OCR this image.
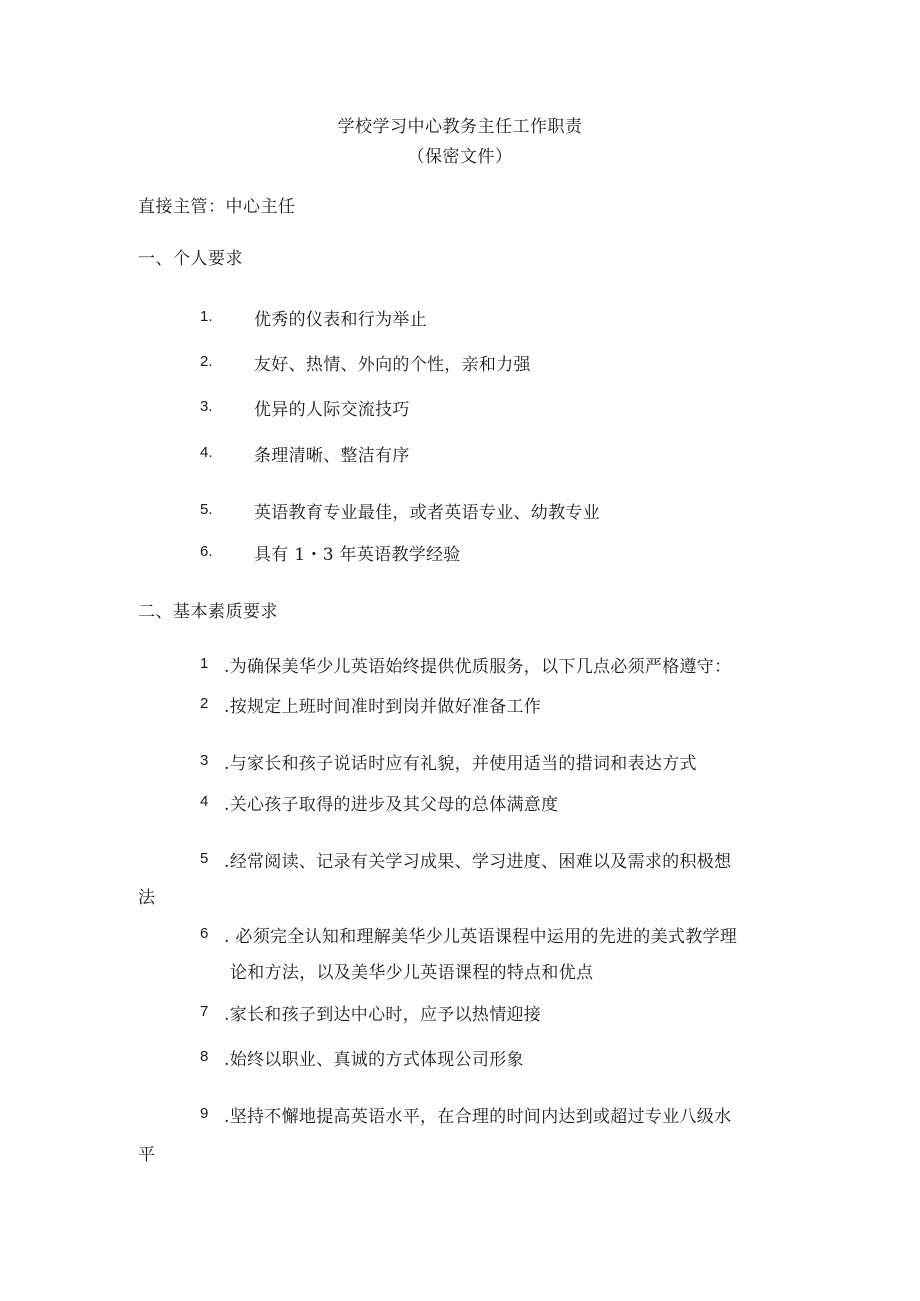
学校学习中心教务主任工作职责
（保密文件）
直接主管：中心主任
一、个人要求
1. 优秀的仪表和行为举止
2. 友好、热情、外向的个性，亲和力强
3. 优异的人际交流技巧
4. 条理清晰、整洁有序
5. 英语教育专业最佳，或者英语专业、幼教专业
6. 具有 1・3 年英语教学经验
二、基本素质要求
1 .为确保美华少儿英语始终提供优质服务，以下几点必须严格遵守：
2 .按规定上班时间准时到岗并做好准备工作
3 .与家长和孩子说话时应有礼貌，并使用适当的措词和表达方式
4 .关心孩子取得的进步及其父母的总体满意度
5 .经常阅读、记录有关学习成果、学习进度、困难以及需求的积极想
法
6 . 必须完全认知和理解美华少儿英语课程中运用的先进的美式教学理
论和方法，以及美华少儿英语课程的特点和优点
7 .家长和孩子到达中心时，应予以热情迎接
8 .始终以职业、真诚的方式体现公司形象
9 .坚持不懈地提高英语水平，在合理的时间内达到或超过专业八级水
平
